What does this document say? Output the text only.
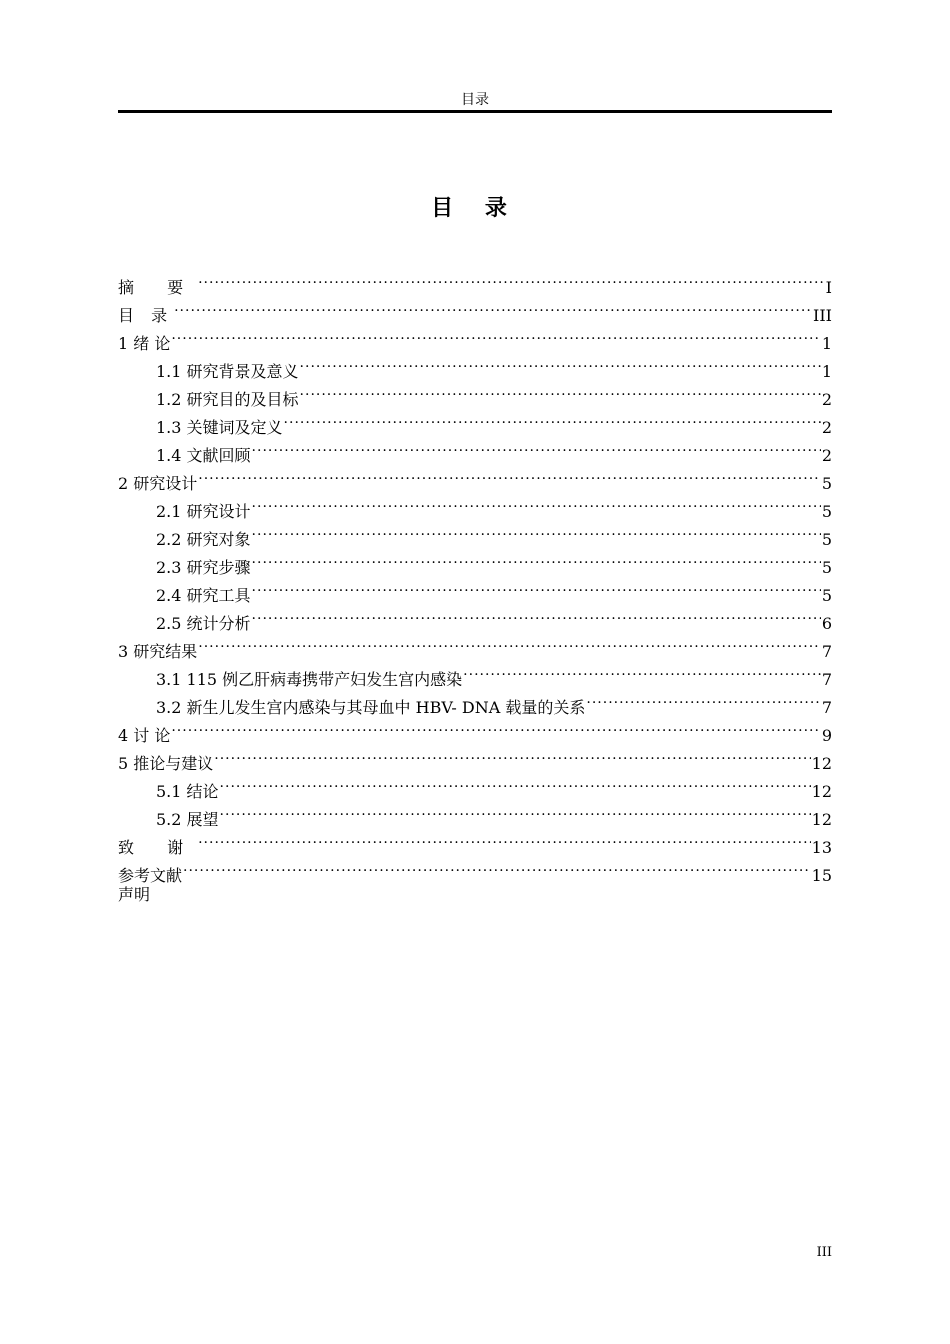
目录
目 录
摘 要 .....	I
目 录 .....	III
1 绪 论 .....	1
1.1 研究背景及意义 .....	1
1.2 研究目的及目标 .....	2
1.3 关键词及定义 .....	2
1.4 文献回顾 .....	2
2 研究设计 .....	5
2.1 研究设计 .....	5
2.2 研究对象 .....	5
2.3 研究步骤 .....	5
2.4 研究工具 .....	5
2.5 统计分析 .....	6
3 研究结果 .....	7
3.1 115 例乙肝病毒携带产妇发生宫内感染 .....	7
3.2 新生儿发生宫内感染与其母血中 HBV- DNA 载量的关系 .....	7
4 讨 论 .....	9
5 推论与建议 .....	12
5.1 结论 .....	12
5.2 展望 .....	12
致 谢 .....	13
参考文献 .....	15
声明
III
